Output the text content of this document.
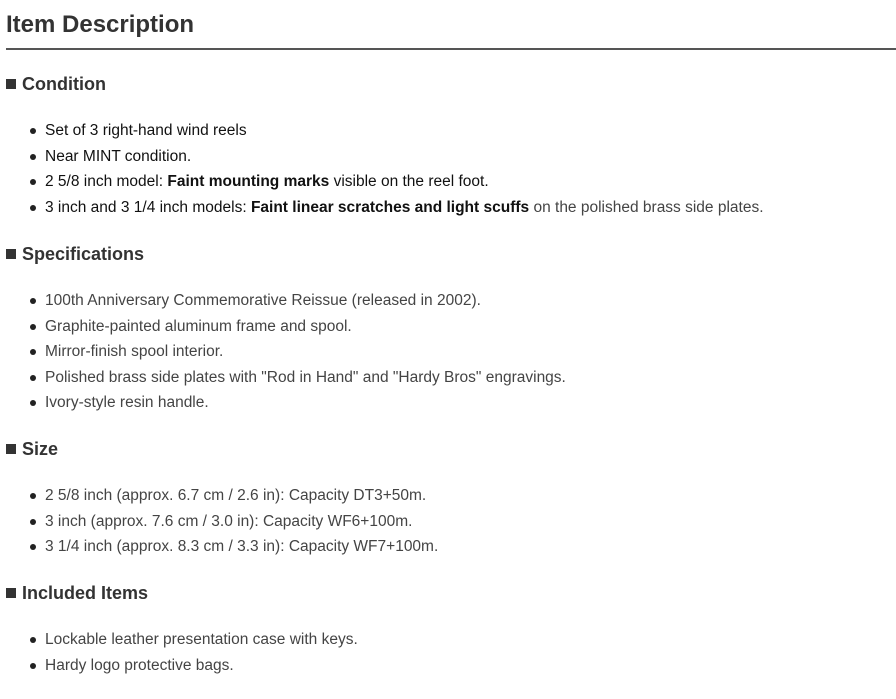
Item Description
Condition
Set of 3 right-hand wind reels
Near MINT condition.
2 5/8 inch model: Faint mounting marks visible on the reel foot.
3 inch and 3 1/4 inch models: Faint linear scratches and light scuffs on the polished brass side plates.
Specifications
100th Anniversary Commemorative Reissue (released in 2002).
Graphite-painted aluminum frame and spool.
Mirror-finish spool interior.
Polished brass side plates with "Rod in Hand" and "Hardy Bros" engravings.
Ivory-style resin handle.
Size
2 5/8 inch (approx. 6.7 cm / 2.6 in): Capacity DT3+50m.
3 inch (approx. 7.6 cm / 3.0 in): Capacity WF6+100m.
3 1/4 inch (approx. 8.3 cm / 3.3 in): Capacity WF7+100m.
Included Items
Lockable leather presentation case with keys.
Hardy logo protective bags.
